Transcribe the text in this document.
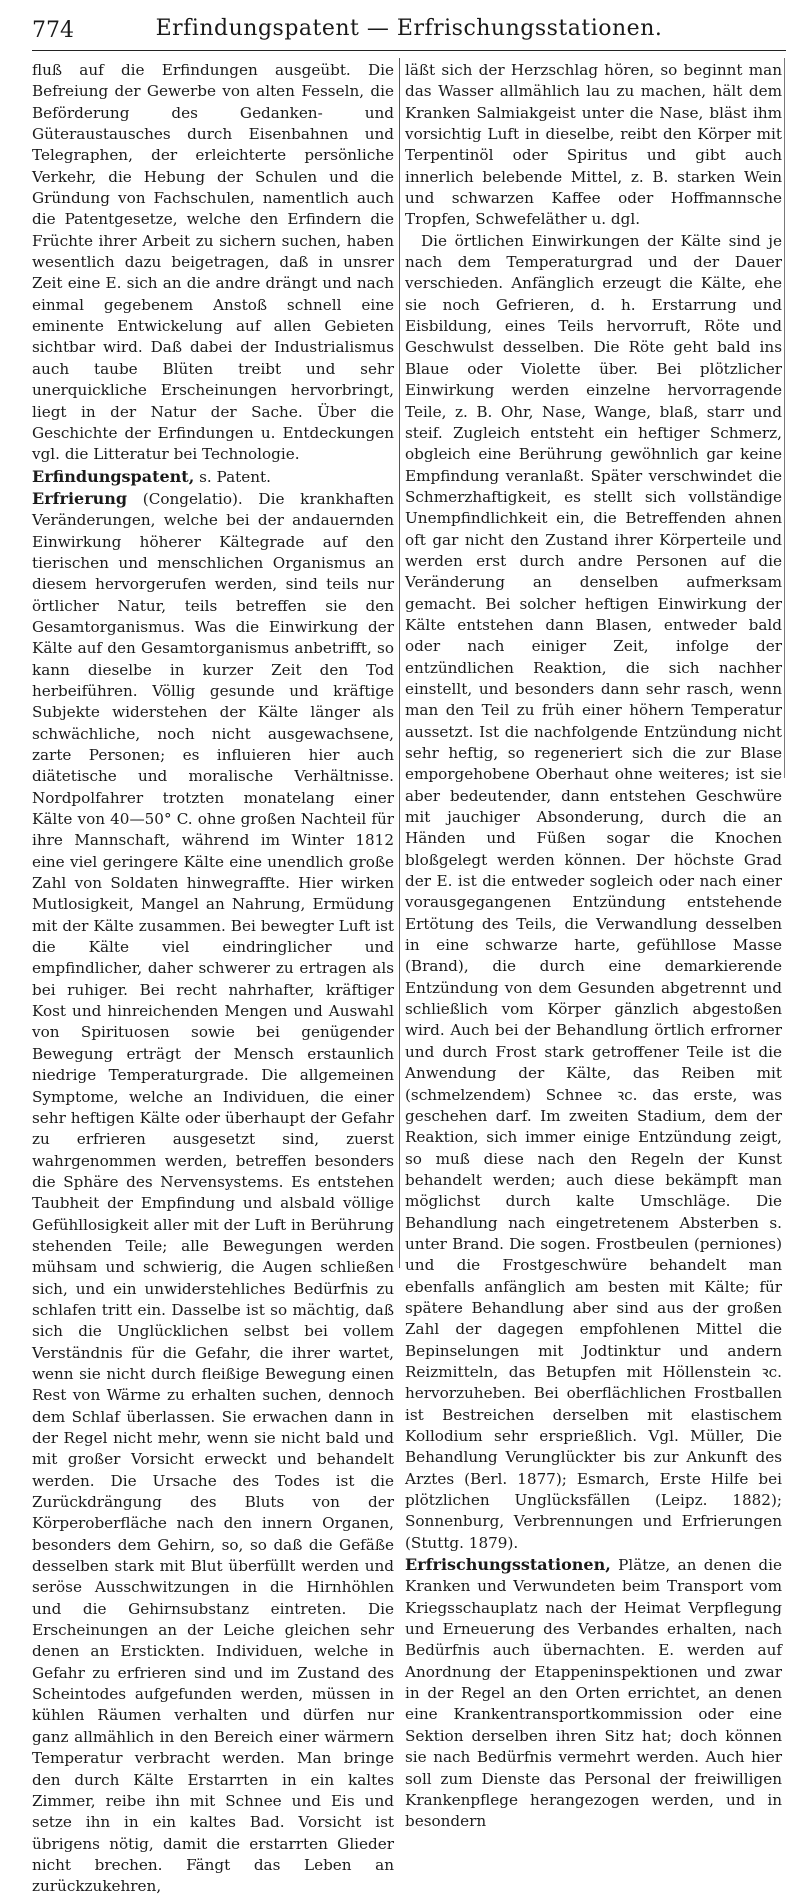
774	Erfindungspatent — Erfrischungsstationen.

fluß auf die Erfindungen ausgeübt. Die Befreiung der Gewerbe von alten Fesseln, die Beförderung des Gedanken- und Güteraustausches durch Eisenbahnen und Telegraphen, der erleichterte persönliche Verkehr, die Hebung der Schulen und die Gründung von Fachschulen, namentlich auch die Patentgesetze, welche den Erfindern die Früchte ihrer Arbeit zu sichern suchen, haben wesentlich dazu beigetragen, daß in unsrer Zeit eine E. sich an die andre drängt und nach einmal gegebenem Anstoß schnell eine eminente Entwickelung auf allen Gebieten sichtbar wird. Daß dabei der Industrialismus auch taube Blüten treibt und sehr unerquickliche Erscheinungen hervorbringt, liegt in der Natur der Sache. Über die Geschichte der Erfindungen u. Entdeckungen vgl. die Litteratur bei Technologie.

Erfindungspatent, s. Patent.

Erfrierung (Congelatio). Die krankhaften Veränderungen, welche bei der andauernden Einwirkung höherer Kältegrade auf den tierischen und menschlichen Organismus an diesem hervorgerufen werden, sind teils nur örtlicher Natur, teils betreffen sie den Gesamtorganismus. Was die Einwirkung der Kälte auf den Gesamtorganismus anbetrifft, so kann dieselbe in kurzer Zeit den Tod herbeiführen. Völlig gesunde und kräftige Subjekte widerstehen der Kälte länger als schwächliche, noch nicht ausgewachsene, zarte Personen; es influieren hier auch diätetische und moralische Verhältnisse. Nordpolfahrer trotzten monatelang einer Kälte von 40—50° C. ohne großen Nachteil für ihre Mannschaft, während im Winter 1812 eine viel geringere Kälte eine unendlich große Zahl von Soldaten hinwegraffte. Hier wirken Mutlosigkeit, Mangel an Nahrung, Ermüdung mit der Kälte zusammen. Bei bewegter Luft ist die Kälte viel eindringlicher und empfindlicher, daher schwerer zu ertragen als bei ruhiger. Bei recht nahrhafter, kräftiger Kost und hinreichenden Mengen und Auswahl von Spirituosen sowie bei genügender Bewegung erträgt der Mensch erstaunlich niedrige Temperaturgrade. Die allgemeinen Symptome, welche an Individuen, die einer sehr heftigen Kälte oder überhaupt der Gefahr zu erfrieren ausgesetzt sind, zuerst wahrgenommen werden, betreffen besonders die Sphäre des Nervensystems. Es entstehen Taubheit der Empfindung und alsbald völlige Gefühllosigkeit aller mit der Luft in Berührung stehenden Teile; alle Bewegungen werden mühsam und schwierig, die Augen schließen sich, und ein unwiderstehliches Bedürfnis zu schlafen tritt ein. Dasselbe ist so mächtig, daß sich die Unglücklichen selbst bei vollem Verständnis für die Gefahr, die ihrer wartet, wenn sie nicht durch fleißige Bewegung einen Rest von Wärme zu erhalten suchen, dennoch dem Schlaf überlassen. Sie erwachen dann in der Regel nicht mehr, wenn sie nicht bald und mit großer Vorsicht erweckt und behandelt werden. Die Ursache des Todes ist die Zurückdrängung des Bluts von der Körperoberfläche nach den innern Organen, besonders dem Gehirn, so, so daß die Gefäße desselben stark mit Blut überfüllt werden und seröse Ausschwitzungen in die Hirnhöhlen und die Gehirnsubstanz eintreten. Die Erscheinungen an der Leiche gleichen sehr denen an Erstickten. Individuen, welche in Gefahr zu erfrieren sind und im Zustand des Scheintodes aufgefunden werden, müssen in kühlen Räumen verhalten und dürfen nur ganz allmählich in den Bereich einer wärmern Temperatur verbracht werden. Man bringe den durch Kälte Erstarrten in ein kaltes Zimmer, reibe ihn mit Schnee und Eis und setze ihn in ein kaltes Bad. Vorsicht ist übrigens nötig, damit die erstarrten Glieder nicht brechen. Fängt das Leben an zurückzukehren,

läßt sich der Herzschlag hören, so beginnt man das Wasser allmählich lau zu machen, hält dem Kranken Salmiakgeist unter die Nase, bläst ihm vorsichtig Luft in dieselbe, reibt den Körper mit Terpentinöl oder Spiritus und gibt auch innerlich belebende Mittel, z. B. starken Wein und schwarzen Kaffee oder Hoffmannsche Tropfen, Schwefeläther u. dgl.

Die örtlichen Einwirkungen der Kälte sind je nach dem Temperaturgrad und der Dauer verschieden. Anfänglich erzeugt die Kälte, ehe sie noch Gefrieren, d. h. Erstarrung und Eisbildung, eines Teils hervorruft, Röte und Geschwulst desselben. Die Röte geht bald ins Blaue oder Violette über. Bei plötzlicher Einwirkung werden einzelne hervorragende Teile, z. B. Ohr, Nase, Wange, blaß, starr und steif. Zugleich entsteht ein heftiger Schmerz, obgleich eine Berührung gewöhnlich gar keine Empfindung veranlaßt. Später verschwindet die Schmerzhaftigkeit, es stellt sich vollständige Unempfindlichkeit ein, die Betreffenden ahnen oft gar nicht den Zustand ihrer Körperteile und werden erst durch andre Personen auf die Veränderung an denselben aufmerksam gemacht. Bei solcher heftigen Einwirkung der Kälte entstehen dann Blasen, entweder bald oder nach einiger Zeit, infolge der entzündlichen Reaktion, die sich nachher einstellt, und besonders dann sehr rasch, wenn man den Teil zu früh einer höhern Temperatur aussetzt. Ist die nachfolgende Entzündung nicht sehr heftig, so regeneriert sich die zur Blase emporgehobene Oberhaut ohne weiteres; ist sie aber bedeutender, dann entstehen Geschwüre mit jauchiger Absonderung, durch die an Händen und Füßen sogar die Knochen bloßgelegt werden können. Der höchste Grad der E. ist die entweder sogleich oder nach einer vorausgegangenen Entzündung entstehende Ertötung des Teils, die Verwandlung desselben in eine schwarze harte, gefühllose Masse (Brand), die durch eine demarkierende Entzündung von dem Gesunden abgetrennt und schließlich vom Körper gänzlich abgestoßen wird. Auch bei der Behandlung örtlich erfrorner und durch Frost stark getroffener Teile ist die Anwendung der Kälte, das Reiben mit (schmelzendem) Schnee ꝛc. das erste, was geschehen darf. Im zweiten Stadium, dem der Reaktion, sich immer einige Entzündung zeigt, so muß diese nach den Regeln der Kunst behandelt werden; auch diese bekämpft man möglichst durch kalte Umschläge. Die Behandlung nach eingetretenem Absterben s. unter Brand. Die sogen. Frostbeulen (perniones) und die Frostgeschwüre behandelt man ebenfalls anfänglich am besten mit Kälte; für spätere Behandlung aber sind aus der großen Zahl der dagegen empfohlenen Mittel die Bepinselungen mit Jodtinktur und andern Reizmitteln, das Betupfen mit Höllenstein ꝛc. hervorzuheben. Bei oberflächlichen Frostballen ist Bestreichen derselben mit elastischem Kollodium sehr ersprießlich. Vgl. Müller, Die Behandlung Verunglückter bis zur Ankunft des Arztes (Berl. 1877); Esmarch, Erste Hilfe bei plötzlichen Unglücksfällen (Leipz. 1882); Sonnenburg, Verbrennungen und Erfrierungen (Stuttg. 1879).

Erfrischungsstationen, Plätze, an denen die Kranken und Verwundeten beim Transport vom Kriegsschauplatz nach der Heimat Verpflegung und Erneuerung des Verbandes erhalten, nach Bedürfnis auch übernachten. E. werden auf Anordnung der Etappeninspektionen und zwar in der Regel an den Orten errichtet, an denen eine Krankentransportkommission oder eine Sektion derselben ihren Sitz hat; doch können sie nach Bedürfnis vermehrt werden. Auch hier soll zum Dienste das Personal der freiwilligen Krankenpflege herangezogen werden, und in besondern
